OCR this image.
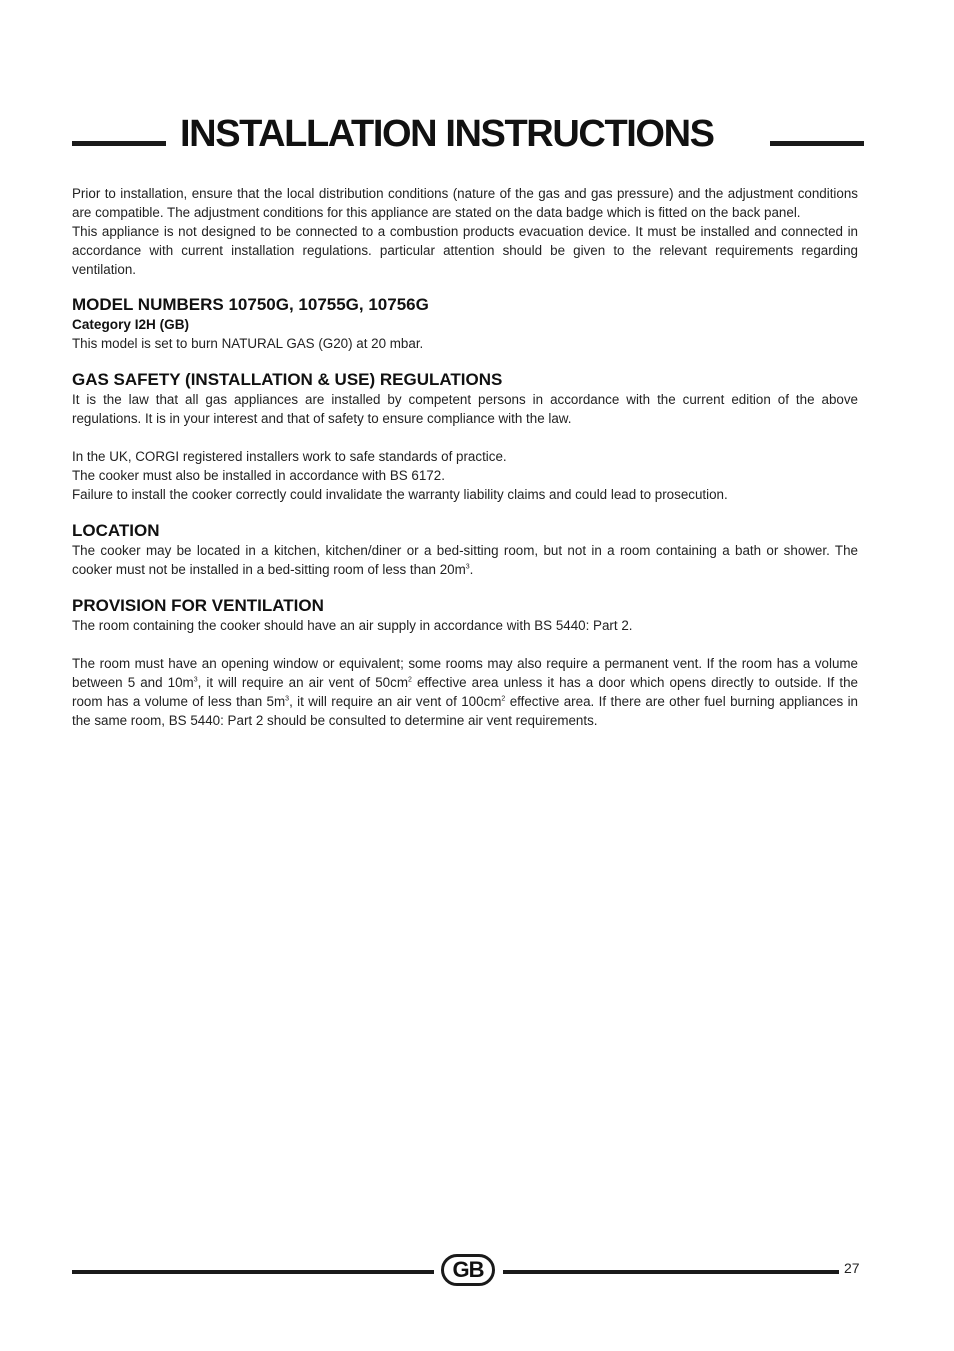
INSTALLATION INSTRUCTIONS

Prior to installation, ensure that the local distribution conditions (nature of the gas and gas pressure) and the adjustment conditions are compatible. The adjustment conditions for this appliance are stated on the data badge which is fitted on the back panel.

This appliance is not designed to be connected to a combustion products evacuation device. It must be installed and connected in accordance with current installation regulations. particular attention should be given to the relevant requirements regarding ventilation.

MODEL NUMBERS 10750G, 10755G, 10756G
Category I2H (GB)

This model is set to burn NATURAL GAS (G20) at 20 mbar.

GAS SAFETY (INSTALLATION & USE) REGULATIONS

It is the law that all gas appliances are installed by competent persons in accordance with the current edition of the above regulations. It is in your interest and that of safety to ensure compliance with the law.

In the UK, CORGI registered installers work to safe standards of practice.

The cooker must also be installed in accordance with BS 6172.

Failure to install the cooker correctly could invalidate the warranty liability claims and could lead to prosecution.

LOCATION

The cooker may be located in a kitchen, kitchen/diner or a bed-sitting room, but not in a room containing a bath or shower. The cooker must not be installed in a bed-sitting room of less than $20m^3$.

PROVISION FOR VENTILATION

The room containing the cooker should have an air supply in accordance with BS 5440: Part 2.

The room must have an opening window or equivalent; some rooms may also require a permanent vent. If the room has a volume between 5 and $10m^3$, it will require an air vent of $50cm^2$ effective area unless it has a door which opens directly to outside. If the room has a volume of less than $5m^3$, it will require an air vent of $100cm^2$ effective area. If there are other fuel burning appliances in the same room, BS 5440: Part 2 should be consulted to determine air vent requirements.

GB	27
